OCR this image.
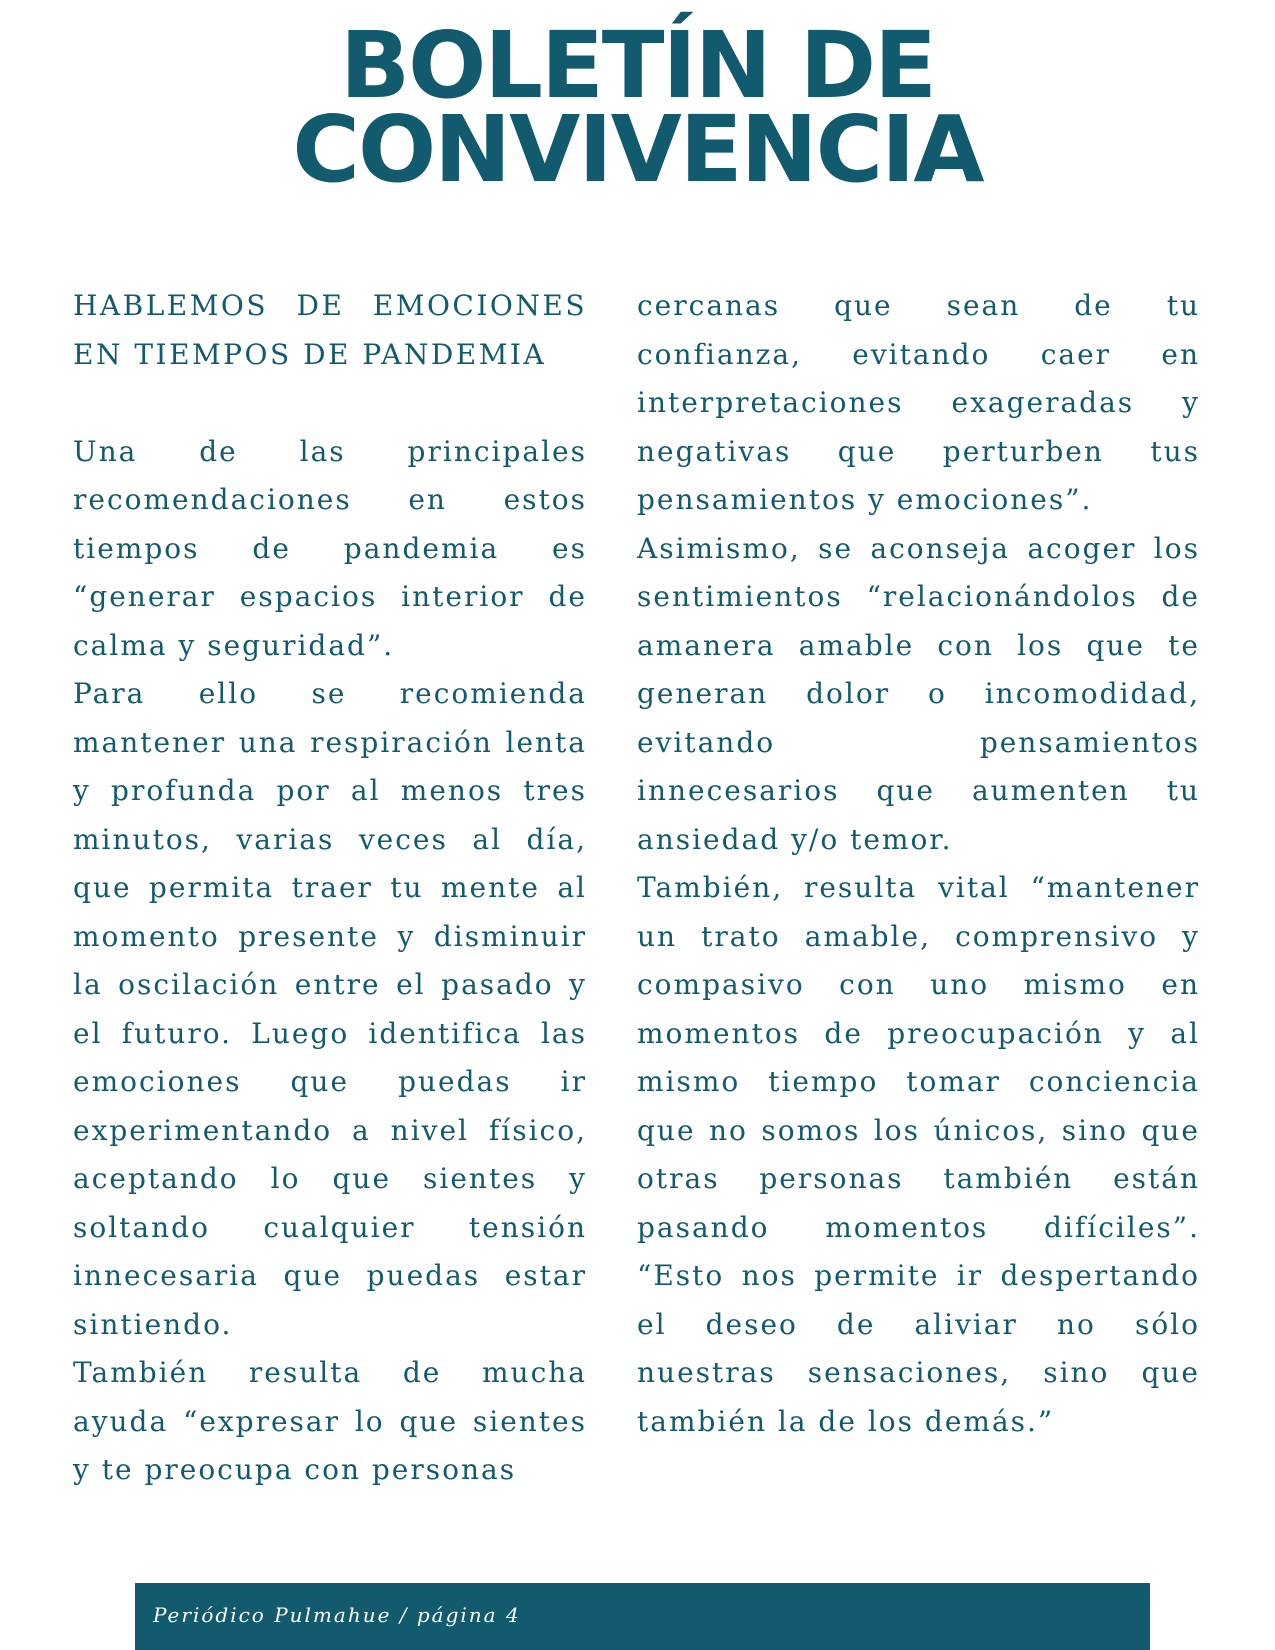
BOLETÍN DE
CONVIVENCIA

HABLEMOS DE EMOCIONES EN TIEMPOS DE PANDEMIA

Una de las principales recomendaciones en estos tiempos de pandemia es “generar espacios interior de calma y seguridad”.

Para ello se recomienda mantener una respiración lenta y profunda por al menos tres minutos, varias veces al día, que permita traer tu mente al momento presente y disminuir la oscilación entre el pasado y el futuro. Luego identifica las emociones que puedas ir experimentando a nivel físico, aceptando lo que sientes y soltando cualquier tensión innecesaria que puedas estar sintiendo.

También resulta de mucha ayuda “expresar lo que sientes y te preocupa con personas

cercanas que sean de tu confianza, evitando caer en interpretaciones exageradas y negativas que perturben tus pensamientos y emociones”.

Asimismo, se aconseja acoger los sentimientos “relacionándolos de amanera amable con los que te generan dolor o incomodidad, evitando pensamientos innecesarios que aumenten tu ansiedad y/o temor.

También, resulta vital “mantener un trato amable, comprensivo y compasivo con uno mismo en momentos de preocupación y al mismo tiempo tomar conciencia que no somos los únicos, sino que otras personas también están pasando momentos difíciles”. “Esto nos permite ir despertando el deseo de aliviar no sólo nuestras sensaciones, sino que también la de los demás.”

Periódico Pulmahue / página 4
